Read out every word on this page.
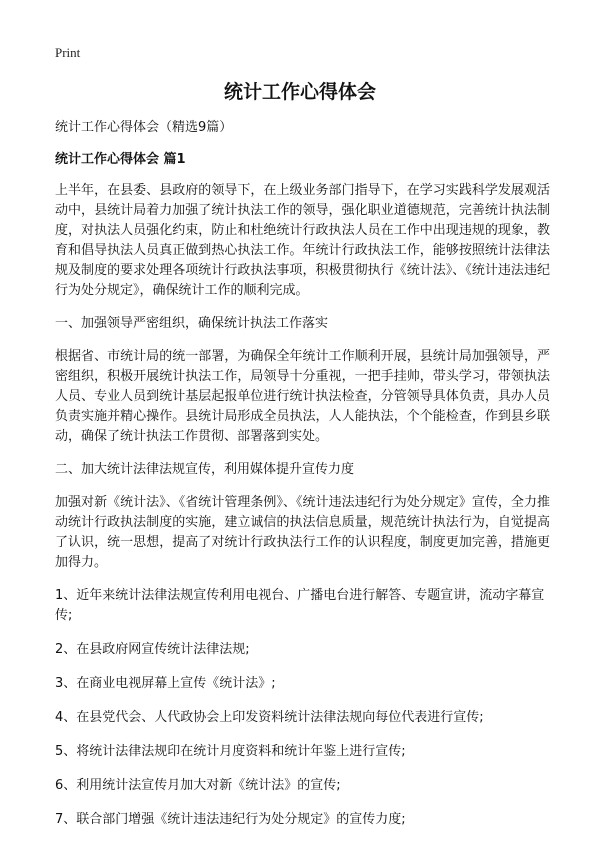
Print
统计工作心得体会

统计工作心得体会（精选9篇）

统计工作心得体会 篇1

上半年，在县委、县政府的领导下，在上级业务部门指导下，在学习实践科学发展观活动中，县统计局着力加强了统计执法工作的领导，强化职业道德规范，完善统计执法制度，对执法人员强化约束，防止和杜绝统计行政执法人员在工作中出现违规的现象，教育和倡导执法人员真正做到热心执法工作。年统计行政执法工作，能够按照统计法律法规及制度的要求处理各项统计行政执法事项，积极贯彻执行《统计法》、《统计违法违纪行为处分规定》，确保统计工作的顺利完成。

一、加强领导严密组织，确保统计执法工作落实

根据省、市统计局的统一部署，为确保全年统计工作顺利开展，县统计局加强领导，严密组织，积极开展统计执法工作，局领导十分重视，一把手挂帅，带头学习，带领执法人员、专业人员到统计基层起报单位进行统计执法检查，分管领导具体负责，具办人员负责实施并精心操作。县统计局形成全员执法，人人能执法，个个能检查，作到县乡联动，确保了统计执法工作贯彻、部署落到实处。

二、加大统计法律法规宣传，利用媒体提升宣传力度

加强对新《统计法》、《省统计管理条例》、《统计违法违纪行为处分规定》宣传，全力推动统计行政执法制度的实施，建立诚信的执法信息质量，规范统计执法行为，自觉提高了认识，统一思想，提高了对统计行政执法行工作的认识程度，制度更加完善，措施更加得力。

1、近年来统计法律法规宣传利用电视台、广播电台进行解答、专题宣讲，流动字幕宣传;

2、在县政府网宣传统计法律法规;

3、在商业电视屏幕上宣传《统计法》;

4、在县党代会、人代政协会上印发资料统计法律法规向每位代表进行宣传;

5、将统计法律法规印在统计月度资料和统计年鉴上进行宣传;

6、利用统计法宣传月加大对新《统计法》的宣传;

7、联合部门增强《统计违法违纪行为处分规定》的宣传力度;
